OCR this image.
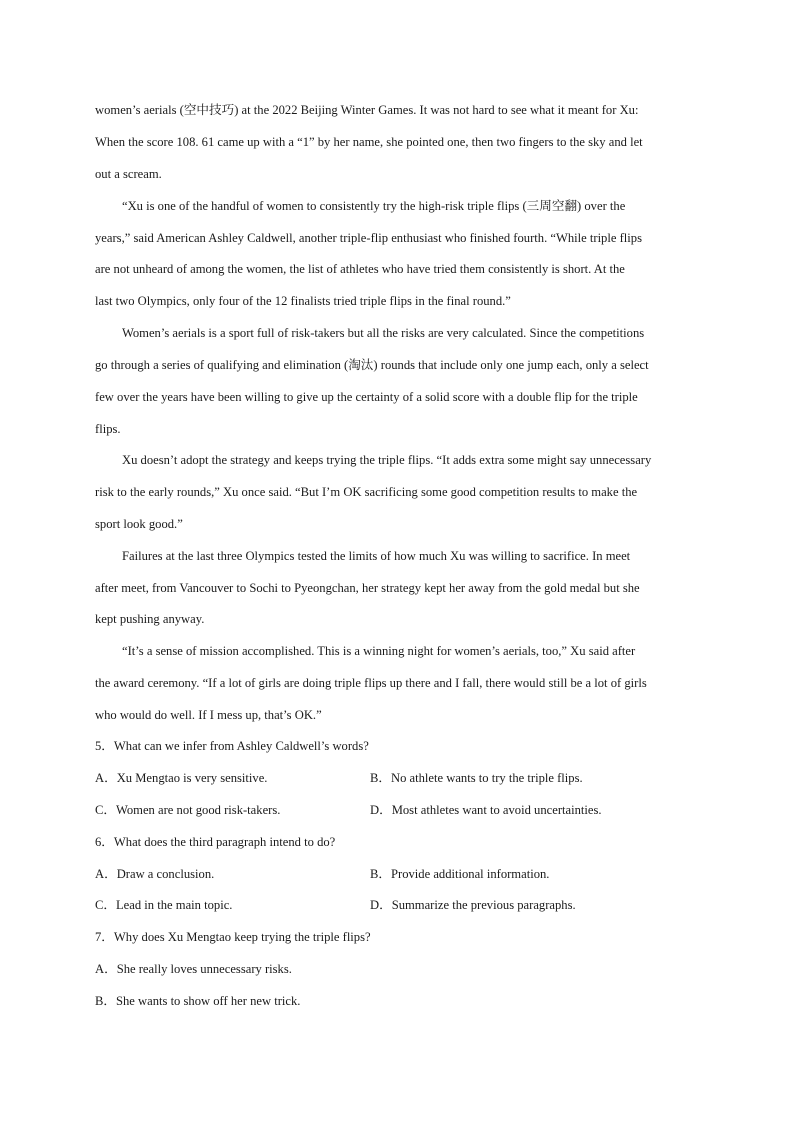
women’s aerials (空中技巧) at the 2022 Beijing Winter Games. It was not hard to see what it meant for Xu:
When the score 108. 61 came up with a “1” by her name, she pointed one, then two fingers to the sky and let
out a scream.
“Xu is one of the handful of women to consistently try the high-risk triple flips (三周空翻) over the
years,” said American Ashley Caldwell, another triple-flip enthusiast who finished fourth. “While triple flips
are not unheard of among the women, the list of athletes who have tried them consistently is short. At the
last two Olympics, only four of the 12 finalists tried triple flips in the final round.”
Women’s aerials is a sport full of risk-takers but all the risks are very calculated. Since the competitions
go through a series of qualifying and elimination (淘汰) rounds that include only one jump each, only a select
few over the years have been willing to give up the certainty of a solid score with a double flip for the triple
flips.
Xu doesn’t adopt the strategy and keeps trying the triple flips. “It adds extra some might say unnecessary
risk to the early rounds,” Xu once said. “But I’m OK sacrificing some good competition results to make the
sport look good.”
Failures at the last three Olympics tested the limits of how much Xu was willing to sacrifice. In meet
after meet, from Vancouver to Sochi to Pyeongchan, her strategy kept her away from the gold medal but she
kept pushing anyway.
“It’s a sense of mission accomplished. This is a winning night for women’s aerials, too,” Xu said after
the award ceremony. “If a lot of girls are doing triple flips up there and I fall, there would still be a lot of girls
who would do well. If I mess up, that’s OK.”
5．What can we infer from Ashley Caldwell’s words?
A．Xu Mengtao is very sensitive.	B．No athlete wants to try the triple flips.
C．Women are not good risk-takers.	D．Most athletes want to avoid uncertainties.
6．What does the third paragraph intend to do?
A．Draw a conclusion.	B．Provide additional information.
C．Lead in the main topic.	D．Summarize the previous paragraphs.
7．Why does Xu Mengtao keep trying the triple flips?
A．She really loves unnecessary risks.
B．She wants to show off her new trick.
